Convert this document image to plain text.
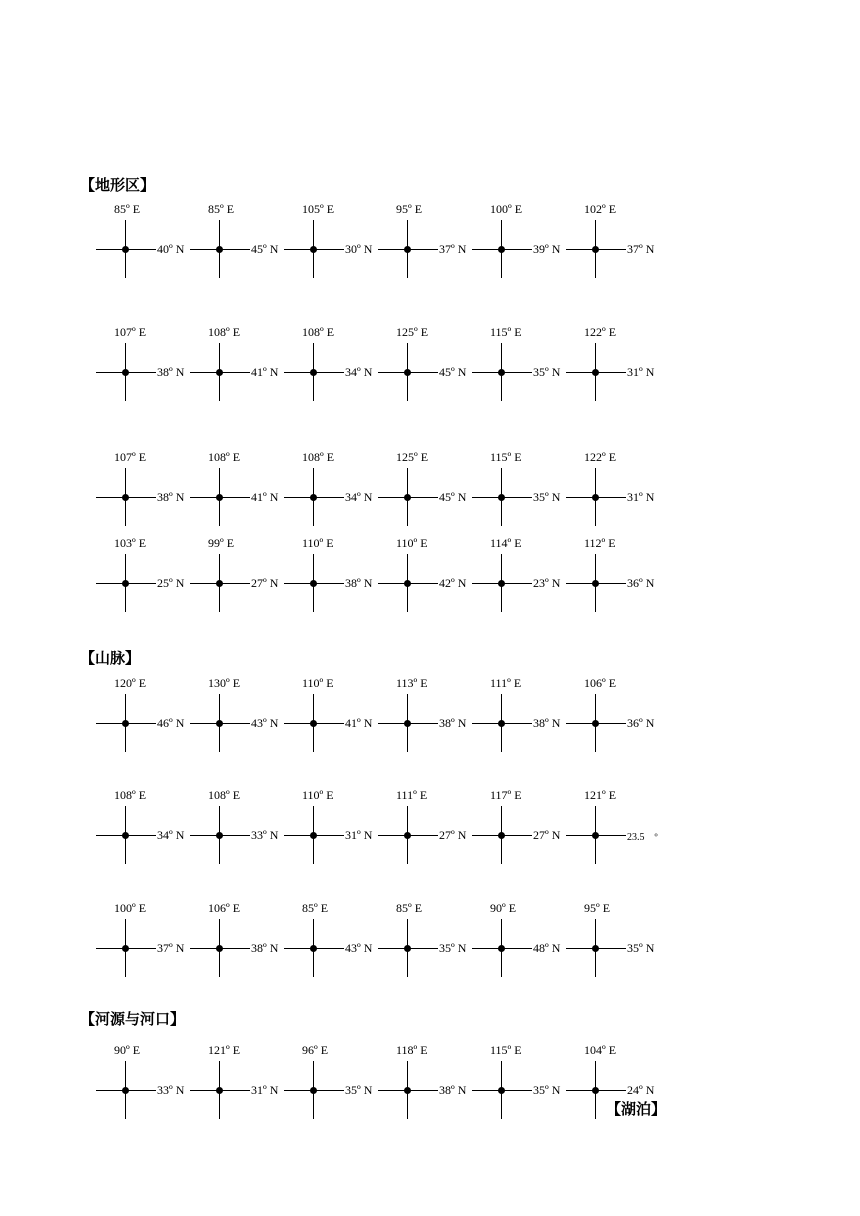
【地形区】
85º E
40º N
85º E
45º N
105º E
30º N
95º E
37º N
100º E
39º N
102º E
37º N
107º E
38º N
108º E
41º N
108º E
34º N
125º E
45º N
115º E
35º N
122º E
31º N
107º E
38º N
108º E
41º N
108º E
34º N
125º E
45º N
115º E
35º N
122º E
31º N
103º E
25º N
99º E
27º N
110º E
38º N
110º E
42º N
114º E
23º N
112º E
36º N
【山脉】
120º E
46º N
130º E
43º N
110º E
41º N
113º E
38º N
111º E
38º N
106º E
36º N
108º E
34º N
108º E
33º N
110º E
31º N
111º E
27º N
117º E
27º N
121º E
23.5　º
100º E
37º N
106º E
38º N
85º E
43º N
85º E
35º N
90º E
48º N
95º E
35º N
【河源与河口】
90º E
33º N
121º E
31º N
96º E
35º N
118º E
38º N
115º E
35º N
104º E
24º N
【湖泊】
